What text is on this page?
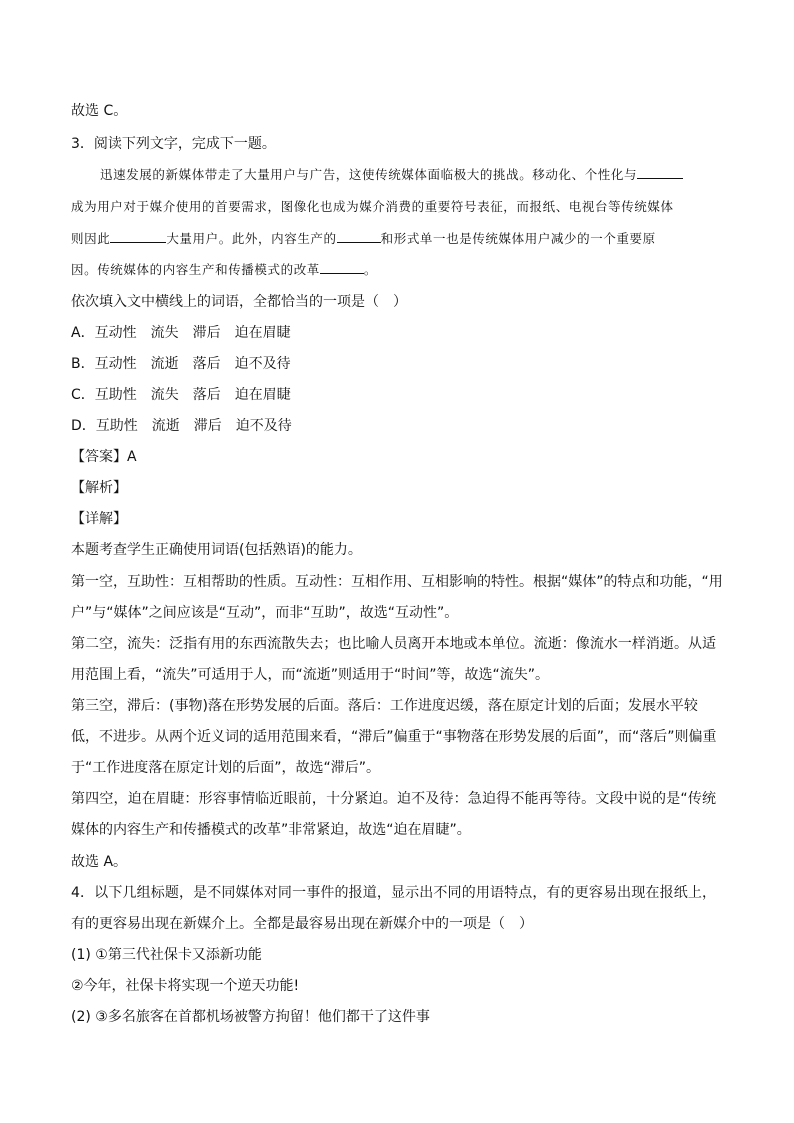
故选 C。
3．阅读下列文字，完成下一题。
迅速发展的新媒体带走了大量用户与广告，这使传统媒体面临极大的挑战。移动化、个性化与
成为用户对于媒介使用的首要需求，图像化也成为媒介消费的重要符号表征，而报纸、电视台等传统媒体
则因此	大量用户。此外，内容生产的	和形式单一也是传统媒体用户减少的一个重要原
因。传统媒体的内容生产和传播模式的改革	。
依次填入文中横线上的词语，全都恰当的一项是（　）
A．互动性 流失 滞后 迫在眉睫
B．互动性 流逝 落后 迫不及待
C．互助性 流失 落后 迫在眉睫
D．互助性 流逝 滞后 迫不及待
【答案】A
【解析】
【详解】
本题考查学生正确使用词语(包括熟语)的能力。
第一空，互助性：互相帮助的性质。互动性：互相作用、互相影响的特性。根据“媒体”的特点和功能，“用
户”与“媒体”之间应该是“互动”，而非“互助”，故选“互动性”。
第二空，流失：泛指有用的东西流散失去；也比喻人员离开本地或本单位。流逝：像流水一样消逝。从适
用范围上看，“流失”可适用于人，而“流逝”则适用于“时间”等，故选“流失”。
第三空，滞后：(事物)落在形势发展的后面。落后：工作进度迟缓，落在原定计划的后面；发展水平较
低，不进步。从两个近义词的适用范围来看，“滞后”偏重于“事物落在形势发展的后面”，而“落后”则偏重
于“工作进度落在原定计划的后面”，故选“滞后”。
第四空，迫在眉睫：形容事情临近眼前，十分紧迫。迫不及待：急迫得不能再等待。文段中说的是“传统
媒体的内容生产和传播模式的改革”非常紧迫，故选“迫在眉睫”。
故选 A。
4．以下几组标题，是不同媒体对同一事件的报道，显示出不同的用语特点，有的更容易出现在报纸上，
有的更容易出现在新媒介上。全都是最容易出现在新媒介中的一项是（　）
(1) ①第三代社保卡又添新功能
②今年，社保卡将实现一个逆天功能!
(2) ③多名旅客在首都机场被警方拘留！他们都干了这件事
